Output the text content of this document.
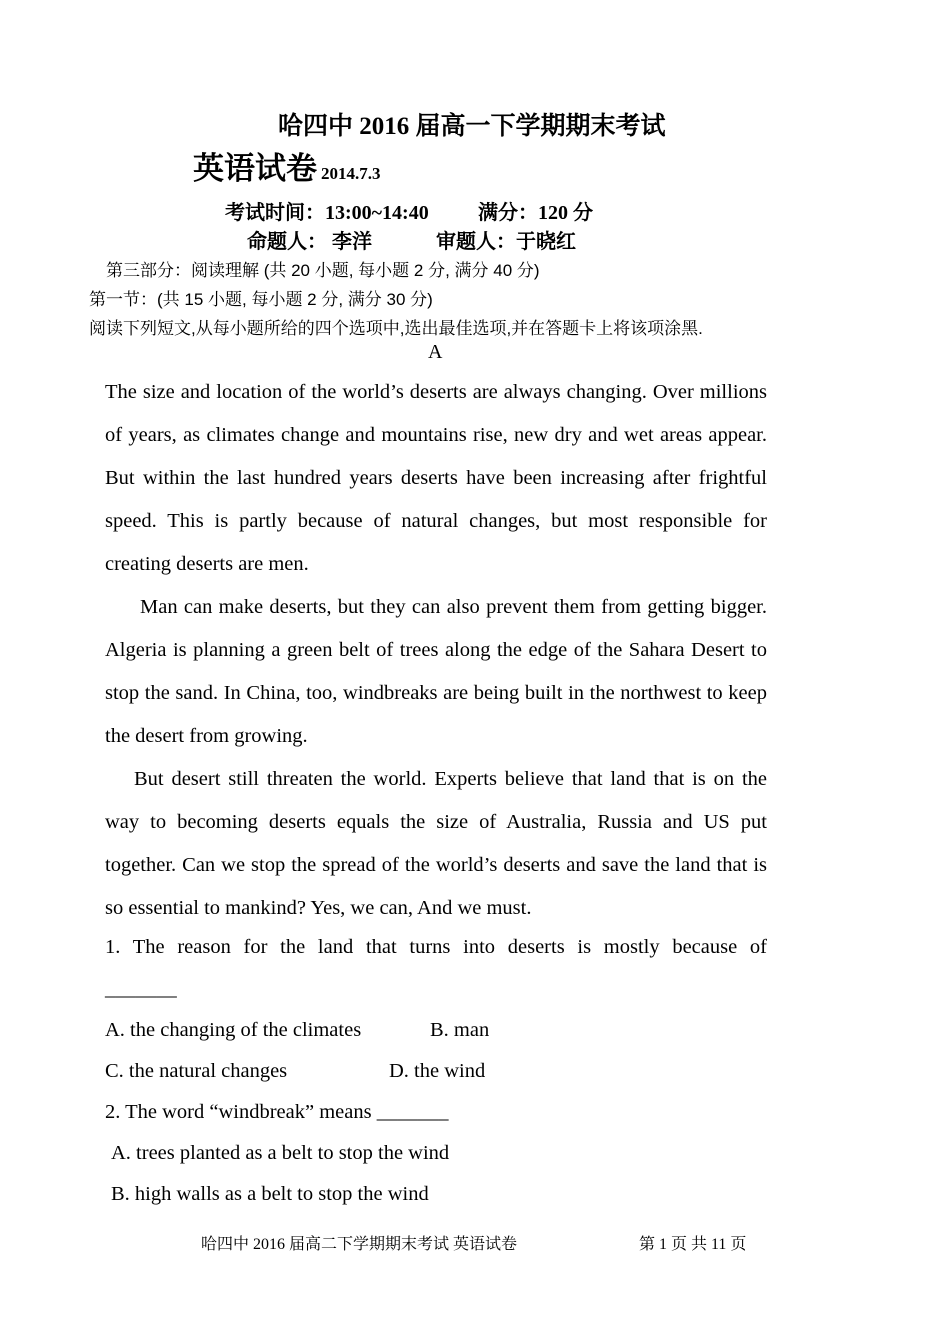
哈四中 2016 届高一下学期期末考试
英语试卷 2014.7.3
考试时间：13:00~14:40 满分：120 分
命题人： 李洋	审题人：于晓红
第三部分：阅读理解 (共 20 小题, 每小题 2 分, 满分 40 分)
第一节：(共 15 小题, 每小题 2 分, 满分 30 分)
阅读下列短文,从每小题所给的四个选项中,选出最佳选项,并在答题卡上将该项涂黑.
A

The size and location of the world’s deserts are always changing. Over millions of years, as climates change and mountains rise, new dry and wet areas appear. But within the last hundred years deserts have been increasing after frightful speed. This is partly because of natural changes, but most responsible for creating deserts are men.

Man can make deserts, but they can also prevent them from getting bigger. Algeria is planning a green belt of trees along the edge of the Sahara Desert to stop the sand. In China, too, windbreaks are being built in the northwest to keep the desert from growing.

But desert still threaten the world. Experts believe that land that is on the way to becoming deserts equals the size of Australia, Russia and US put together. Can we stop the spread of the world’s deserts and save the land that is so essential to mankind? Yes, we can, And we must.

1. The reason for the land that turns into deserts is mostly because of

_______
A. the changing of the climates	B. man
C. the natural changes	D. the wind
2. The word “windbreak” means _______
A. trees planted as a belt to stop the wind
B. high walls as a belt to stop the wind
哈四中 2016 届高二下学期期末考试 英语试卷	第 1 页 共 11 页
